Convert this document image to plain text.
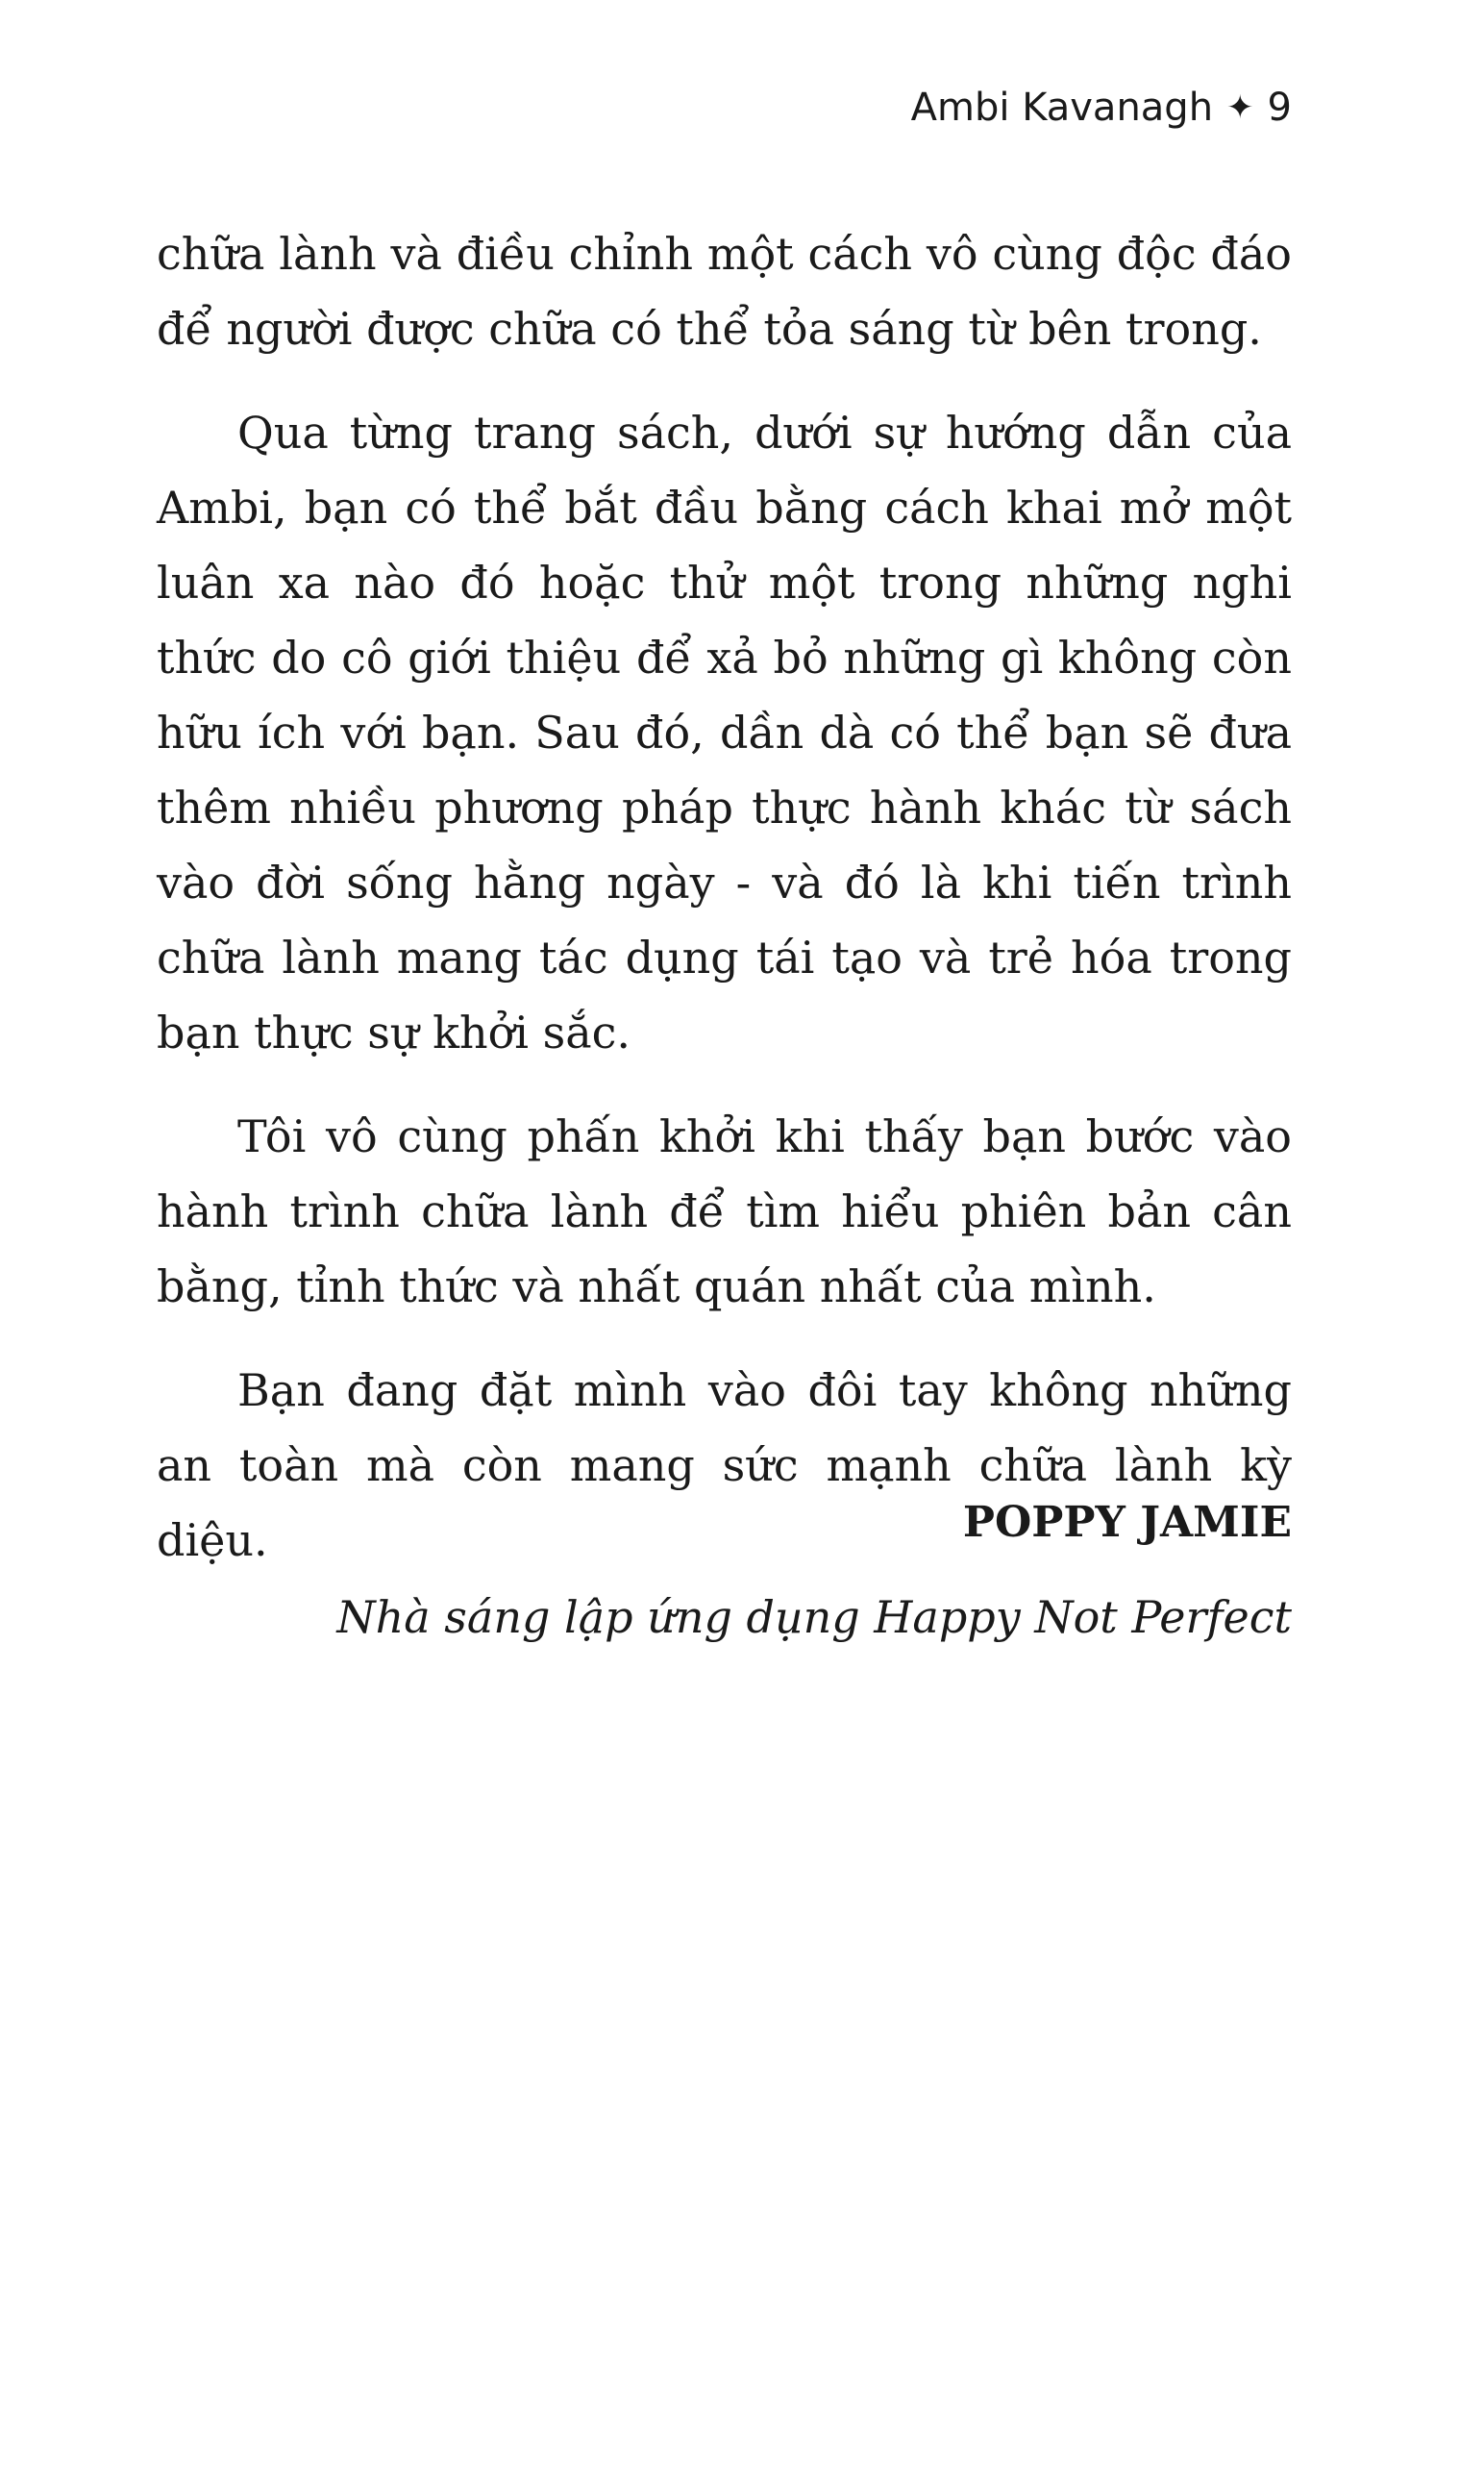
Ambi Kavanagh ✦ 9

chữa lành và điều chỉnh một cách vô cùng độc đáo để người được chữa có thể tỏa sáng từ bên trong.

Qua từng trang sách, dưới sự hướng dẫn của Ambi, bạn có thể bắt đầu bằng cách khai mở một luân xa nào đó hoặc thử một trong những nghi thức do cô giới thiệu để xả bỏ những gì không còn hữu ích với bạn. Sau đó, dần dà có thể bạn sẽ đưa thêm nhiều phương pháp thực hành khác từ sách vào đời sống hằng ngày - và đó là khi tiến trình chữa lành mang tác dụng tái tạo và trẻ hóa trong bạn thực sự khởi sắc.

Tôi vô cùng phấn khởi khi thấy bạn bước vào hành trình chữa lành để tìm hiểu phiên bản cân bằng, tỉnh thức và nhất quán nhất của mình.

Bạn đang đặt mình vào đôi tay không những an toàn mà còn mang sức mạnh chữa lành kỳ diệu.	POPPY JAMIE

Nhà sáng lập ứng dụng Happy Not Perfect
